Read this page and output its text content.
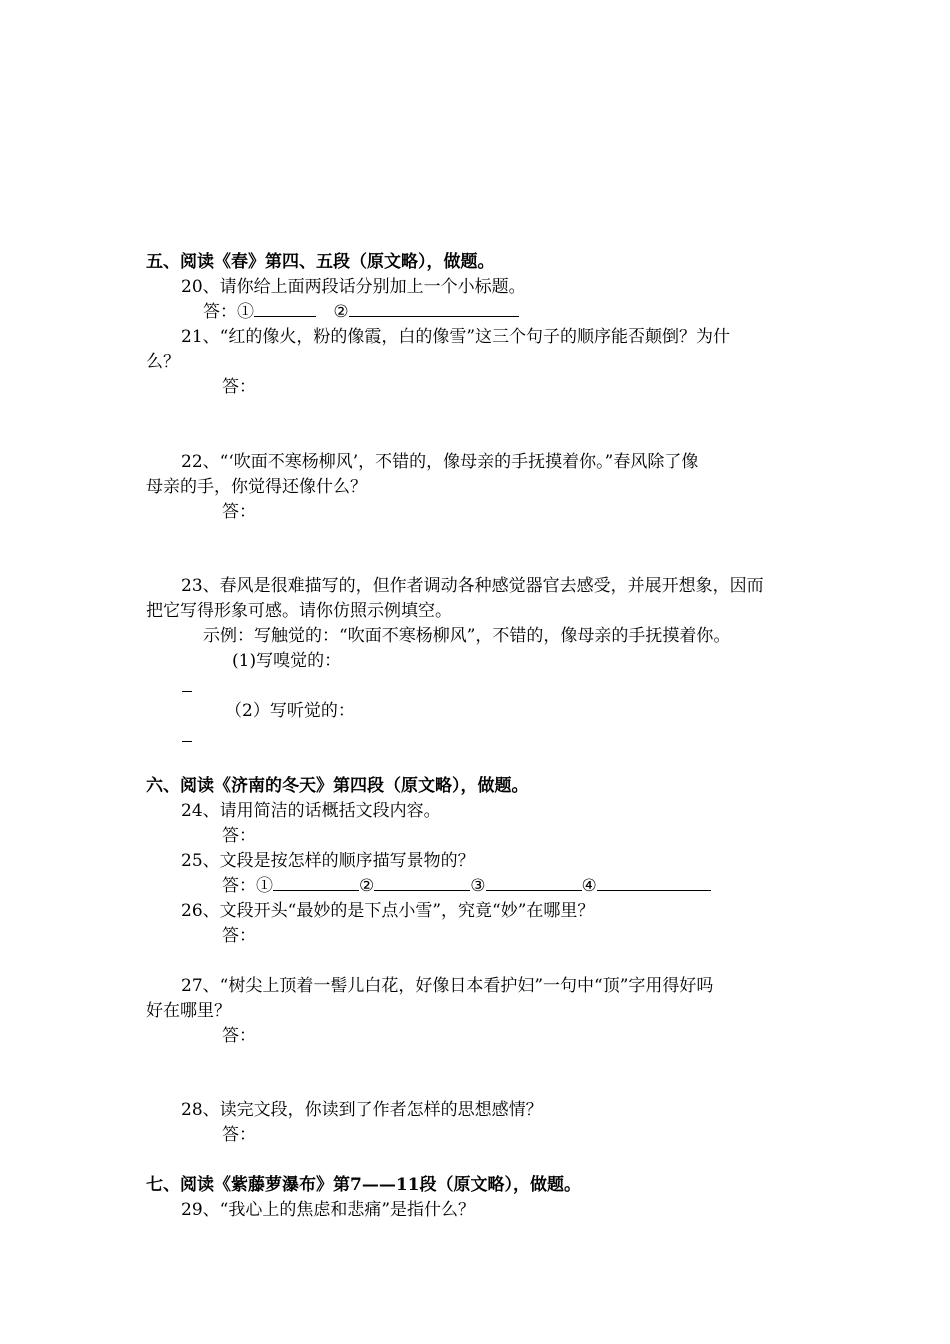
五、阅读《春》第四、五段（原文略），做题。
20、请你给上面两段话分别加上一个小标题。
答：①	②
21、“红的像火，粉的像霞，白的像雪”这三个句子的顺序能否颠倒？为什
么？
答：
22、“‘吹面不寒杨柳风’，不错的，像母亲的手抚摸着你。”春风除了像
母亲的手，你觉得还像什么？
答：
23、春风是很难描写的，但作者调动各种感觉器官去感受，并展开想象，因而
把它写得形象可感。请你仿照示例填空。
示例：写触觉的：“吹面不寒杨柳风”，不错的，像母亲的手抚摸着你。
(1)写嗅觉的：
（2）写听觉的：
六、阅读《济南的冬天》第四段（原文略），做题。
24、请用简洁的话概括文段内容。
答：
25、文段是按怎样的顺序描写景物的？
答：①	②	③	④
26、文段开头“最妙的是下点小雪”，究竟“妙”在哪里？
答：
27、“树尖上顶着一髻儿白花，好像日本看护妇”一句中“顶”字用得好吗
好在哪里？
答：
28、读完文段，你读到了作者怎样的思想感情？
答：
七、阅读《紫藤萝瀑布》第7——11段（原文略），做题。
29、“我心上的焦虑和悲痛”是指什么？
